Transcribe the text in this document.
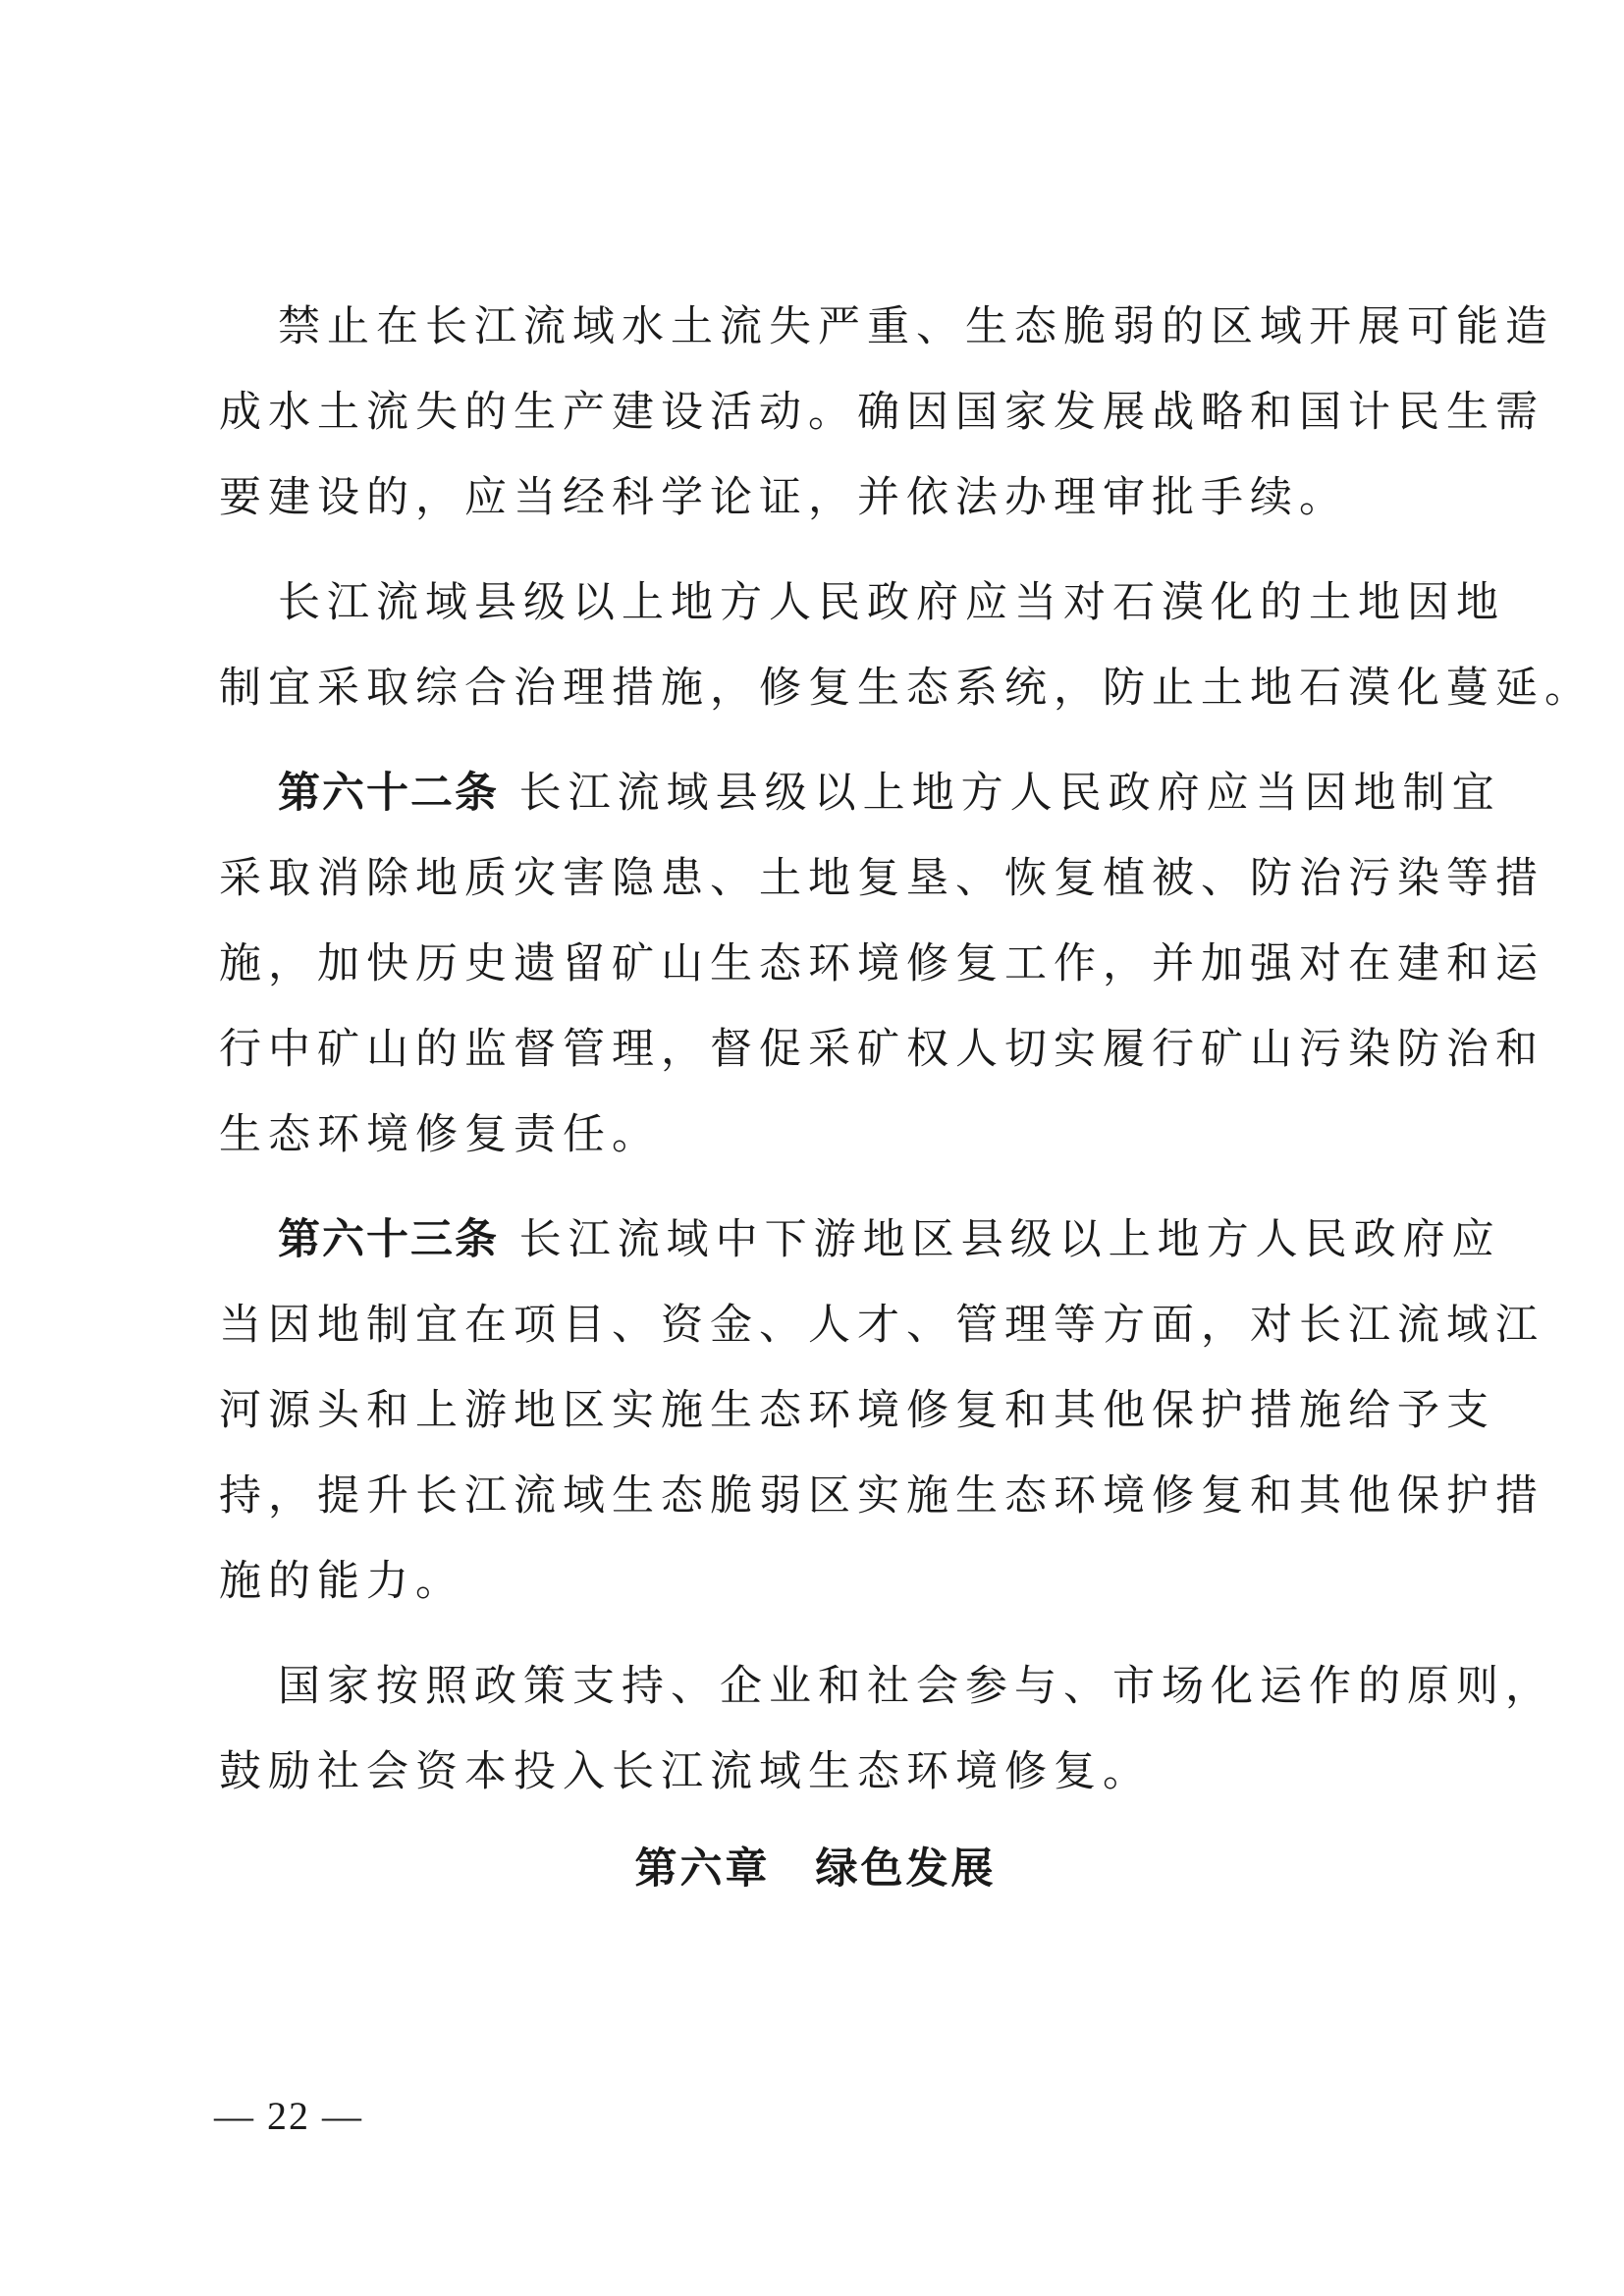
禁止在长江流域水土流失严重、生态脆弱的区域开展可能造
成水土流失的生产建设活动。确因国家发展战略和国计民生需
要建设的，应当经科学论证，并依法办理审批手续。

长江流域县级以上地方人民政府应当对石漠化的土地因地
制宜采取综合治理措施，修复生态系统，防止土地石漠化蔓延。

第六十二条 长江流域县级以上地方人民政府应当因地制宜
采取消除地质灾害隐患、土地复垦、恢复植被、防治污染等措
施，加快历史遗留矿山生态环境修复工作，并加强对在建和运
行中矿山的监督管理，督促采矿权人切实履行矿山污染防治和
生态环境修复责任。

第六十三条 长江流域中下游地区县级以上地方人民政府应
当因地制宜在项目、资金、人才、管理等方面，对长江流域江
河源头和上游地区实施生态环境修复和其他保护措施给予支
持，提升长江流域生态脆弱区实施生态环境修复和其他保护措
施的能力。

国家按照政策支持、企业和社会参与、市场化运作的原则，
鼓励社会资本投入长江流域生态环境修复。

第六章　绿色发展
— 22 —
